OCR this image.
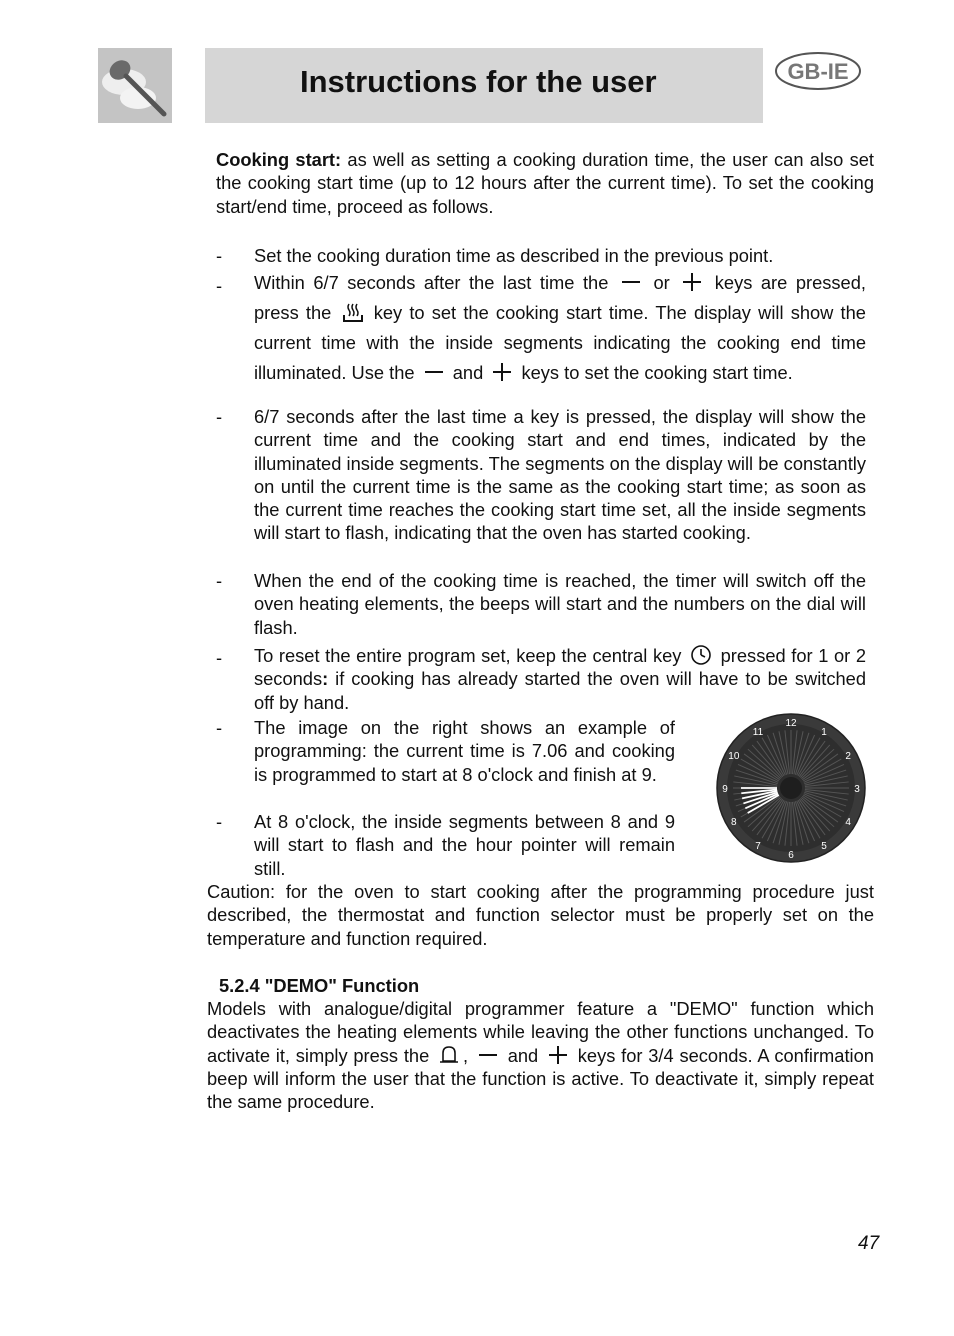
Instructions for the user	GB-IE
Cooking start: as well as setting a cooking duration time, the user can also set the cooking start time (up to 12 hours after the current time). To set the cooking start/end time, proceed as follows.
- Set the cooking duration time as described in the previous point.
- Within 6/7 seconds after the last time the or keys are pressed, press the key to set the cooking start time. The display will show the current time with the inside segments indicating the cooking end time illuminated. Use the and keys to set the cooking start time.
- 6/7 seconds after the last time a key is pressed, the display will show the current time and the cooking start and end times, indicated by the illuminated inside segments. The segments on the display will be constantly on until the current time is the same as the cooking start time; as soon as the current time reaches the cooking start time set, all the inside segments will start to flash, indicating that the oven has started cooking.
- When the end of the cooking time is reached, the timer will switch off the oven heating elements, the beeps will start and the numbers on the dial will flash.
- To reset the entire program set, keep the central key pressed for 1 or 2 seconds: if cooking has already started the oven will have to be switched off by hand.
- The image on the right shows an example of programming: the current time is 7.06 and cooking is programmed to start at 8 o'clock and finish at 9.
- At 8 o'clock, the inside segments between 8 and 9 will start to flash and the hour pointer will remain still.
Caution: for the oven to start cooking after the programming procedure just described, the thermostat and function selector must be properly set on the temperature and function required.
5.2.4 "DEMO" Function
Models with analogue/digital programmer feature a "DEMO" function which deactivates the heating elements while leaving the other functions unchanged. To activate it, simply press the , and keys for 3/4 seconds. A confirmation beep will inform the user that the function is active. To deactivate it, simply repeat the same procedure.
47
12
1
2
3
4
5
6
7
8
9
10
11
